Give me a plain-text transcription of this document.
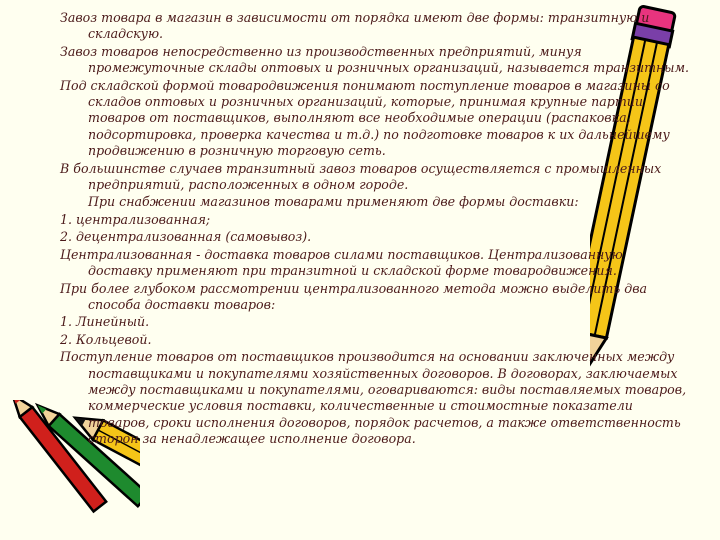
Завоз товара в магазин в зависимости от порядка имеют две формы: транзитную и складскую.

Завоз товаров непосредственно из производственных предприятий, минуя промежуточные склады оптовых и розничных организаций, называется транзитным.

Под складской формой товародвижения понимают поступление товаров в магазины со складов оптовых и розничных организаций, которые, принимая крупные партии товаров от поставщиков, выполняют все необходимые операции (распаковка, подсортировка, проверка качества и т.д.) по подготовке товаров к их дальнейшему продвижению в розничную торговую сеть.

В большинстве случаев транзитный завоз товаров осуществляется с промышленных предприятий, расположенных в одном городе.

При снабжении магазинов товарами применяют две формы доставки:

1. централизованная;

2. децентрализованная (самовывоз).

Централизованная - доставка товаров силами поставщиков. Централизованную доставку применяют при транзитной и складской форме товародвижения.

При более глубоком рассмотрении централизованного метода можно выделить два способа доставки товаров:

1. Линейный.

2. Кольцевой.

Поступление товаров от поставщиков производится на основании заключенных между поставщиками и покупателями хозяйственных договоров. В договорах, заключаемых между поставщиками и покупателями, оговариваются: виды поставляемых товаров, коммерческие условия поставки, количественные и стоимостные показатели товаров, сроки исполнения договоров, порядок расчетов, а также ответственность сторон за ненадлежащее исполнение договора.
